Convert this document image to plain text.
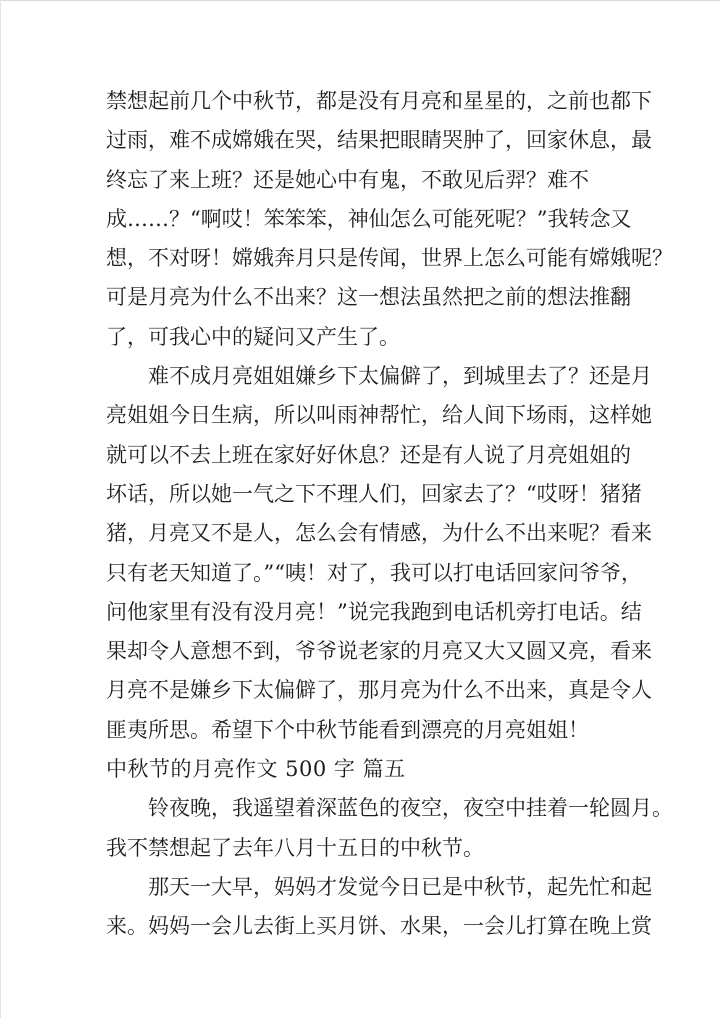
禁想起前几个中秋节，都是没有月亮和星星的，之前也都下
过雨，难不成嫦娥在哭，结果把眼睛哭肿了，回家休息，最
终忘了来上班？还是她心中有鬼，不敢见后羿？难不
成……？“啊哎！笨笨笨，神仙怎么可能死呢？”我转念又
想，不对呀！嫦娥奔月只是传闻，世界上怎么可能有嫦娥呢？
可是月亮为什么不出来？这一想法虽然把之前的想法推翻
了，可我心中的疑问又产生了。
难不成月亮姐姐嫌乡下太偏僻了，到城里去了？还是月
亮姐姐今日生病，所以叫雨神帮忙，给人间下场雨，这样她
就可以不去上班在家好好休息？还是有人说了月亮姐姐的
坏话，所以她一气之下不理人们，回家去了？“哎呀！猪猪
猪，月亮又不是人，怎么会有情感，为什么不出来呢？看来
只有老天知道了。”“咦！对了，我可以打电话回家问爷爷，
问他家里有没有没月亮！”说完我跑到电话机旁打电话。结
果却令人意想不到，爷爷说老家的月亮又大又圆又亮，看来
月亮不是嫌乡下太偏僻了，那月亮为什么不出来，真是令人
匪夷所思。希望下个中秋节能看到漂亮的月亮姐姐！
中秋节的月亮作文 500 字 篇五
铃夜晚，我遥望着深蓝色的夜空，夜空中挂着一轮圆月。
我不禁想起了去年八月十五日的中秋节。
那天一大早，妈妈才发觉今日已是中秋节，起先忙和起
来。妈妈一会儿去街上买月饼、水果，一会儿打算在晚上赏
